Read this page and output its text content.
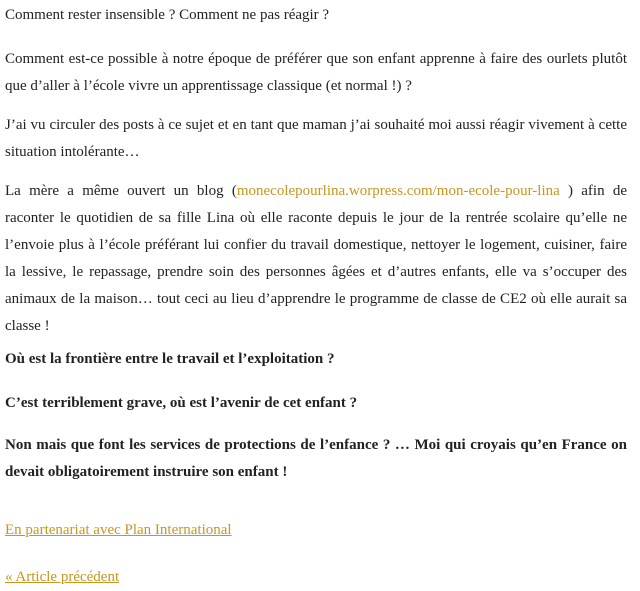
Comment rester insensible ? Comment ne pas réagir ?

Comment est-ce possible à notre époque de préférer que son enfant apprenne à faire des ourlets plutôt que d’aller à l’école vivre un apprentissage classique (et normal !) ?

J’ai vu circuler des posts à ce sujet et en tant que maman j’ai souhaité moi aussi réagir vivement à cette situation intolérante…

La mère a même ouvert un blog (monecolepourlina.worpress.com/mon-ecole-pour-lina ) afin de raconter le quotidien de sa fille Lina où elle raconte depuis le jour de la rentrée scolaire qu’elle ne l’envoie plus à l’école préférant lui confier du travail domestique, nettoyer le logement, cuisiner, faire la lessive, le repassage, prendre soin des personnes âgées et d’autres enfants, elle va s’occuper des animaux de la maison… tout ceci au lieu d’apprendre le programme de classe de CE2 où elle aurait sa classe !

Où est la frontière entre le travail et l’exploitation ?

C’est terriblement grave, où est l’avenir de cet enfant ?

Non mais que font les services de protections de l’enfance ? … Moi qui croyais qu’en France on devait obligatoirement instruire son enfant !

En partenariat avec Plan International
« Article précédent
